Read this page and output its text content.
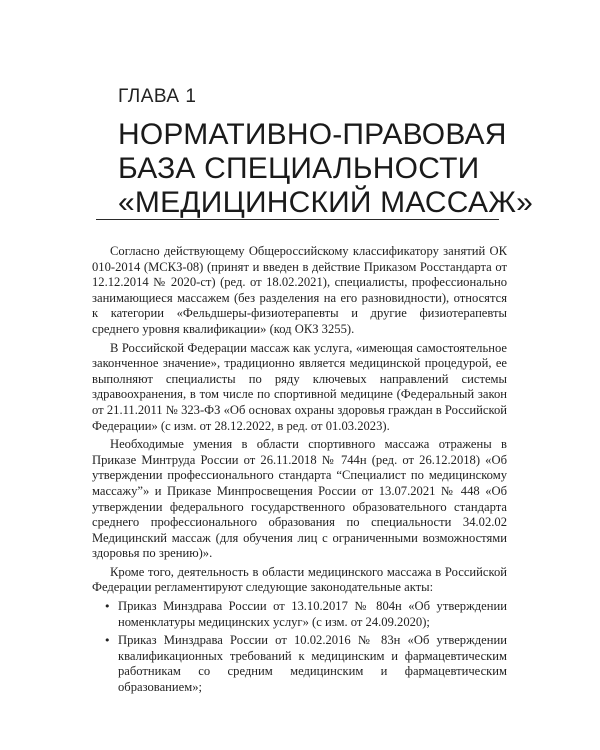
ГЛАВА 1
НОРМАТИВНО-ПРАВОВАЯ
БАЗА СПЕЦИАЛЬНОСТИ
«МЕДИЦИНСКИЙ МАССАЖ»

Согласно действующему Общероссийскому классификатору занятий ОК 010-2014 (МСКЗ-08) (принят и введен в действие Приказом Росстандарта от 12.12.2014 № 2020-ст) (ред. от 18.02.2021), специалисты, профессионально занимающиеся массажем (без разделения на его разновидности), относятся к категории «Фельдшеры-физиотерапевты и другие физиотерапевты среднего уровня квалификации» (код ОКЗ 3255).

В Российской Федерации массаж как услуга, «имеющая самостоятельное законченное значение», традиционно является медицинской процедурой, ее выполняют специалисты по ряду ключевых направлений системы здравоохранения, в том числе по спортивной медицине (Федеральный закон от 21.11.2011 № 323-ФЗ «Об основах охраны здоровья граждан в Российской Федерации» (с изм. от 28.12.2022, в ред. от 01.03.2023).

Необходимые умения в области спортивного массажа отражены в Приказе Минтруда России от 26.11.2018 № 744н (ред. от 26.12.2018) «Об утверждении профессионального стандарта “Специалист по медицинскому массажу”» и Приказе Минпросвещения России от 13.07.2021 № 448 «Об утверждении федерального государственного образовательного стандарта среднего профессионального образования по специальности 34.02.02 Медицинский массаж (для обучения лиц с ограниченными возможностями здоровья по зрению)».

Кроме того, деятельность в области медицинского массажа в Российской Федерации регламентируют следующие законодательные акты:

• Приказ Минздрава России от 13.10.2017 № 804н «Об утверждении номенклатуры медицинских услуг» (с изм. от 24.09.2020);
• Приказ Минздрава России от 10.02.2016 № 83н «Об утверждении квалификационных требований к медицинским и фармацевтическим работникам со средним медицинским и фармацевтическим образованием»;
